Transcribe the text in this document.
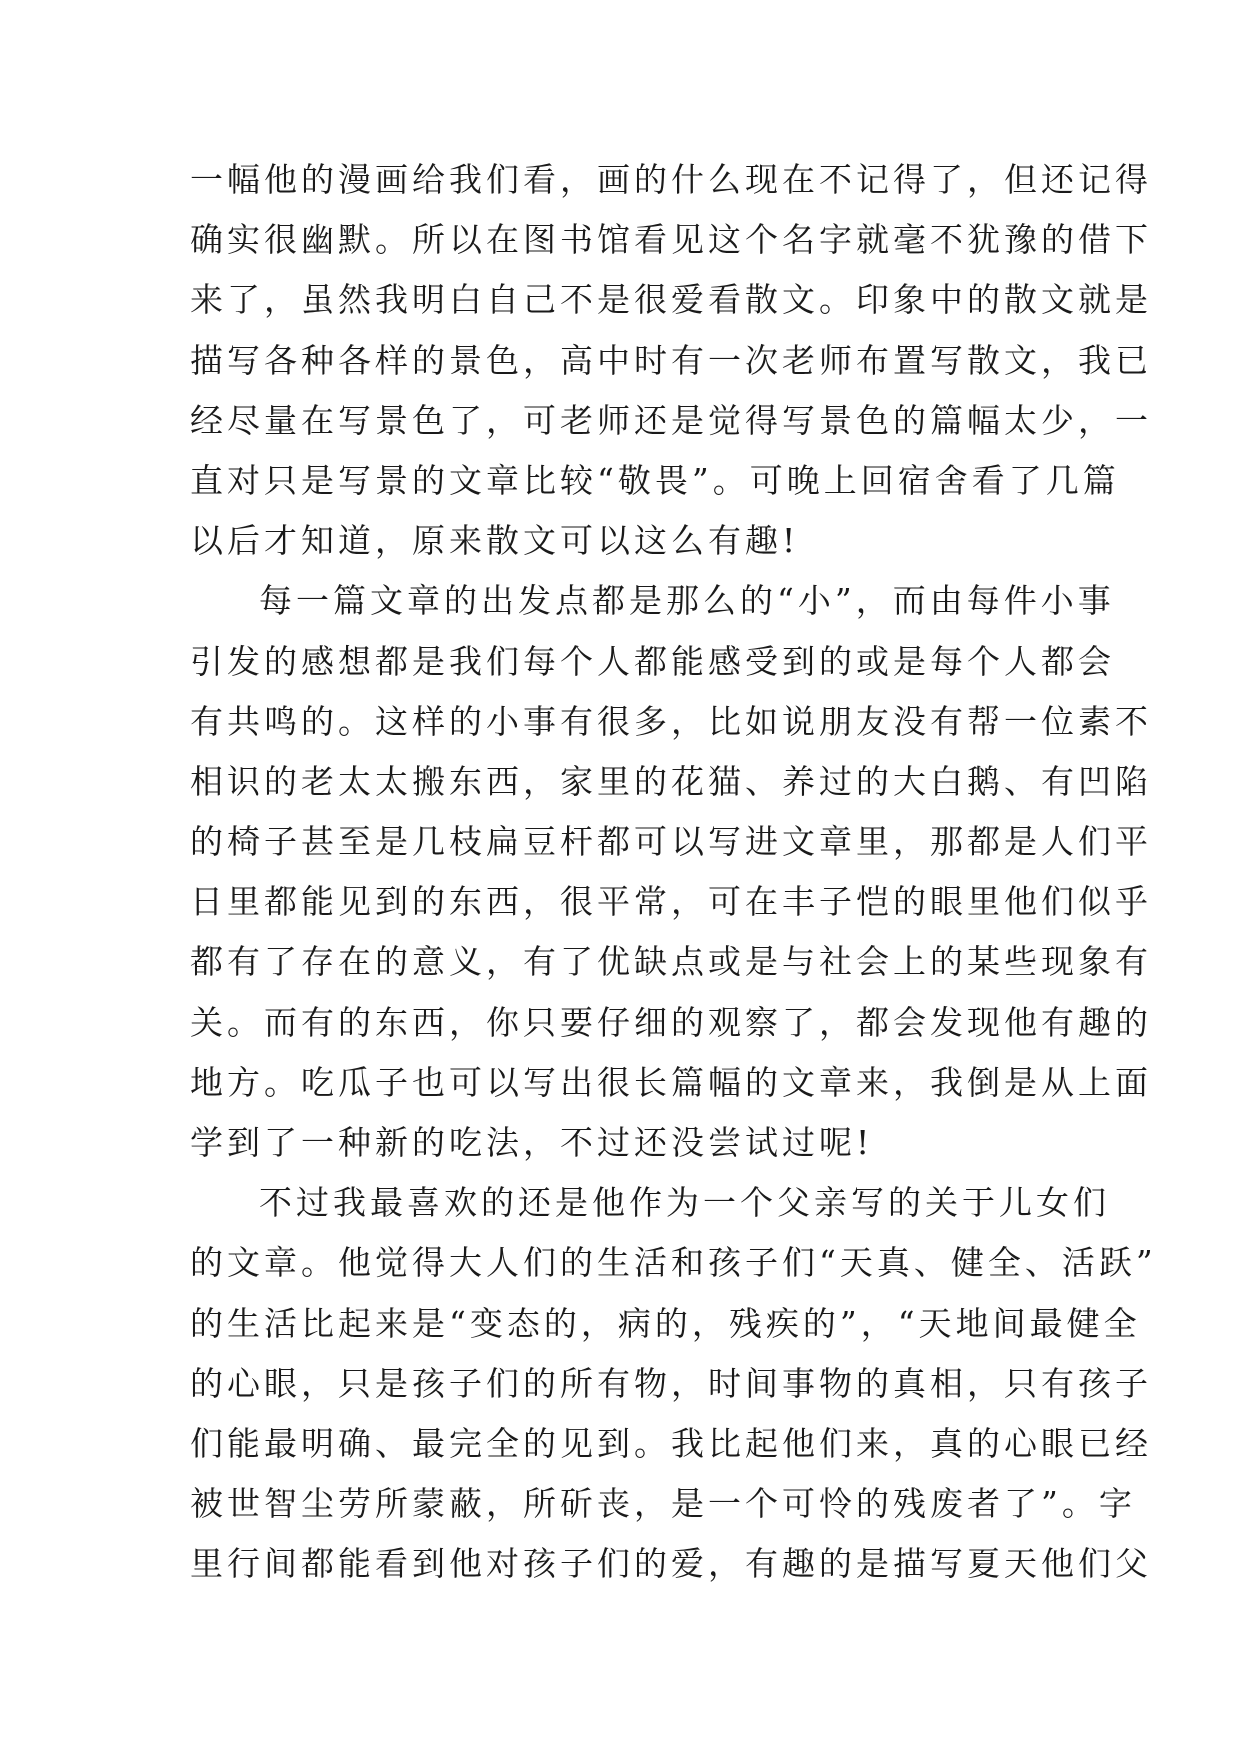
一幅他的漫画给我们看，画的什么现在不记得了，但还记得
确实很幽默。所以在图书馆看见这个名字就毫不犹豫的借下
来了，虽然我明白自己不是很爱看散文。印象中的散文就是
描写各种各样的景色，高中时有一次老师布置写散文，我已
经尽量在写景色了，可老师还是觉得写景色的篇幅太少，一
直对只是写景的文章比较“敬畏”。可晚上回宿舍看了几篇
以后才知道，原来散文可以这么有趣!
每一篇文章的出发点都是那么的“小”，而由每件小事
引发的感想都是我们每个人都能感受到的或是每个人都会
有共鸣的。这样的小事有很多，比如说朋友没有帮一位素不
相识的老太太搬东西，家里的花猫、养过的大白鹅、有凹陷
的椅子甚至是几枝扁豆杆都可以写进文章里，那都是人们平
日里都能见到的东西，很平常，可在丰子恺的眼里他们似乎
都有了存在的意义，有了优缺点或是与社会上的某些现象有
关。而有的东西，你只要仔细的观察了，都会发现他有趣的
地方。吃瓜子也可以写出很长篇幅的文章来，我倒是从上面
学到了一种新的吃法，不过还没尝试过呢!
不过我最喜欢的还是他作为一个父亲写的关于儿女们
的文章。他觉得大人们的生活和孩子们“天真、健全、活跃”
的生活比起来是“变态的，病的，残疾的”，“天地间最健全
的心眼，只是孩子们的所有物，时间事物的真相，只有孩子
们能最明确、最完全的见到。我比起他们来，真的心眼已经
被世智尘劳所蒙蔽，所斫丧，是一个可怜的残废者了”。字
里行间都能看到他对孩子们的爱，有趣的是描写夏天他们父
